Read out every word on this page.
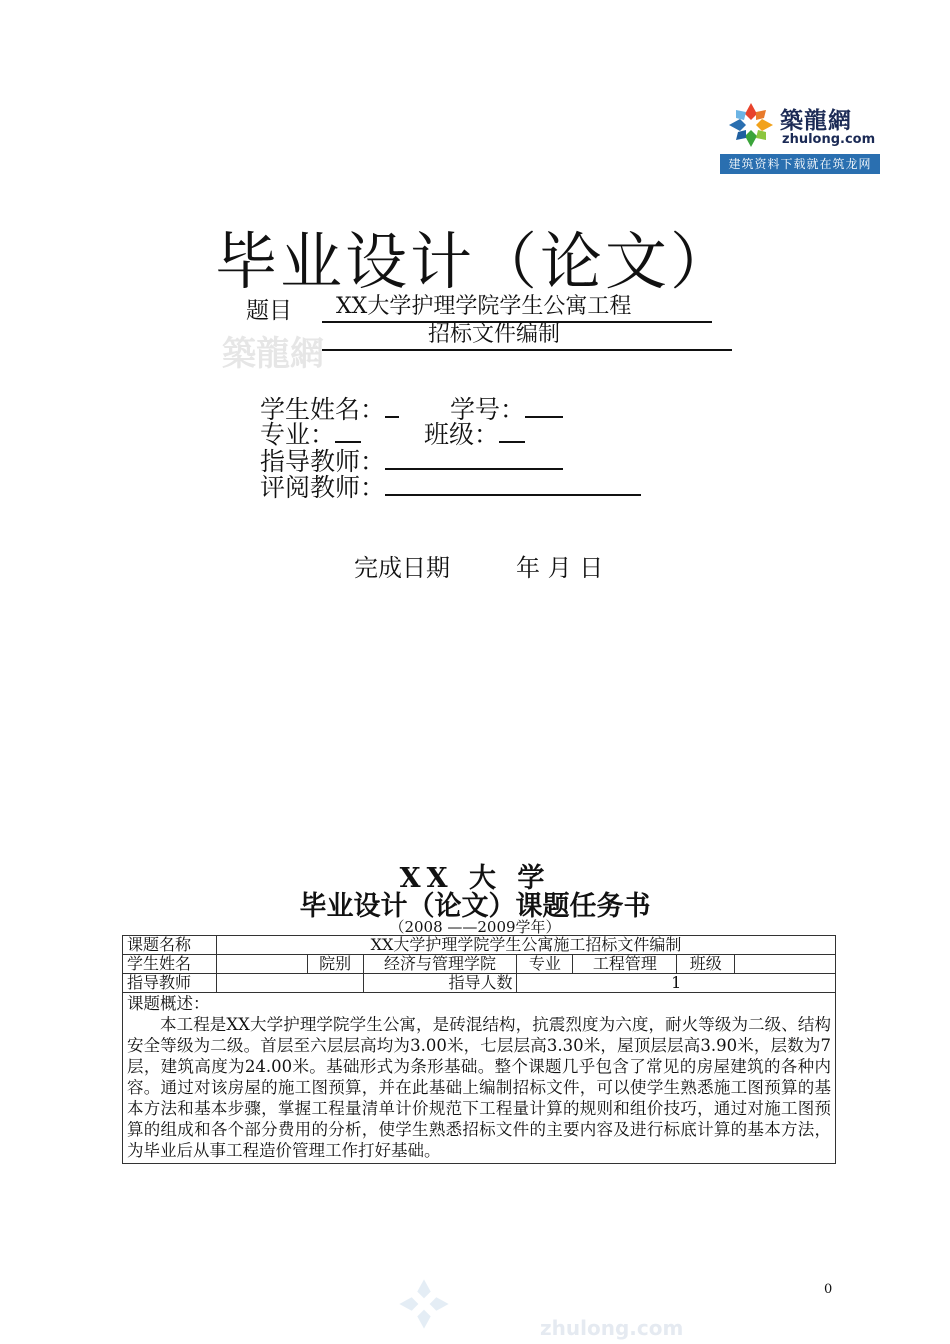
築龍網
zhulong.com
建筑资料下载就在筑龙网
毕业设计（论文）
题目	XX大学护理学院学生公寓工程
招标文件编制
築龍網
学生姓名：	学号：
专业：	班级：
指导教师：
评阅教师：
完成日期	年 月 日
XX 大 学
毕业设计（论文）课题任务书
（2008 ——2009学年）
课题名称	XX大学护理学院学生公寓施工招标文件编制						
学生姓名		院别	经济与管理学院	专业	工程管理	班级	
指导教师			指导人数	1			

课题概述：

本工程是XX大学护理学院学生公寓，是砖混结构，抗震烈度为六度，耐火等级为二级、结构安全等级为二级。首层至六层层高均为3.00米，七层层高3.30米，屋顶层层高3.90米，层数为7层，建筑高度为24.00米。基础形式为条形基础。整个课题几乎包含了常见的房屋建筑的各种内容。通过对该房屋的施工图预算，并在此基础上编制招标文件，可以使学生熟悉施工图预算的基本方法和基本步骤，掌握工程量清单计价规范下工程量计算的规则和组价技巧，通过对施工图预算的组成和各个部分费用的分析，使学生熟悉招标文件的主要内容及进行标底计算的基本方法，为毕业后从事工程造价管理工作打好基础。							

0
zhulong.com
